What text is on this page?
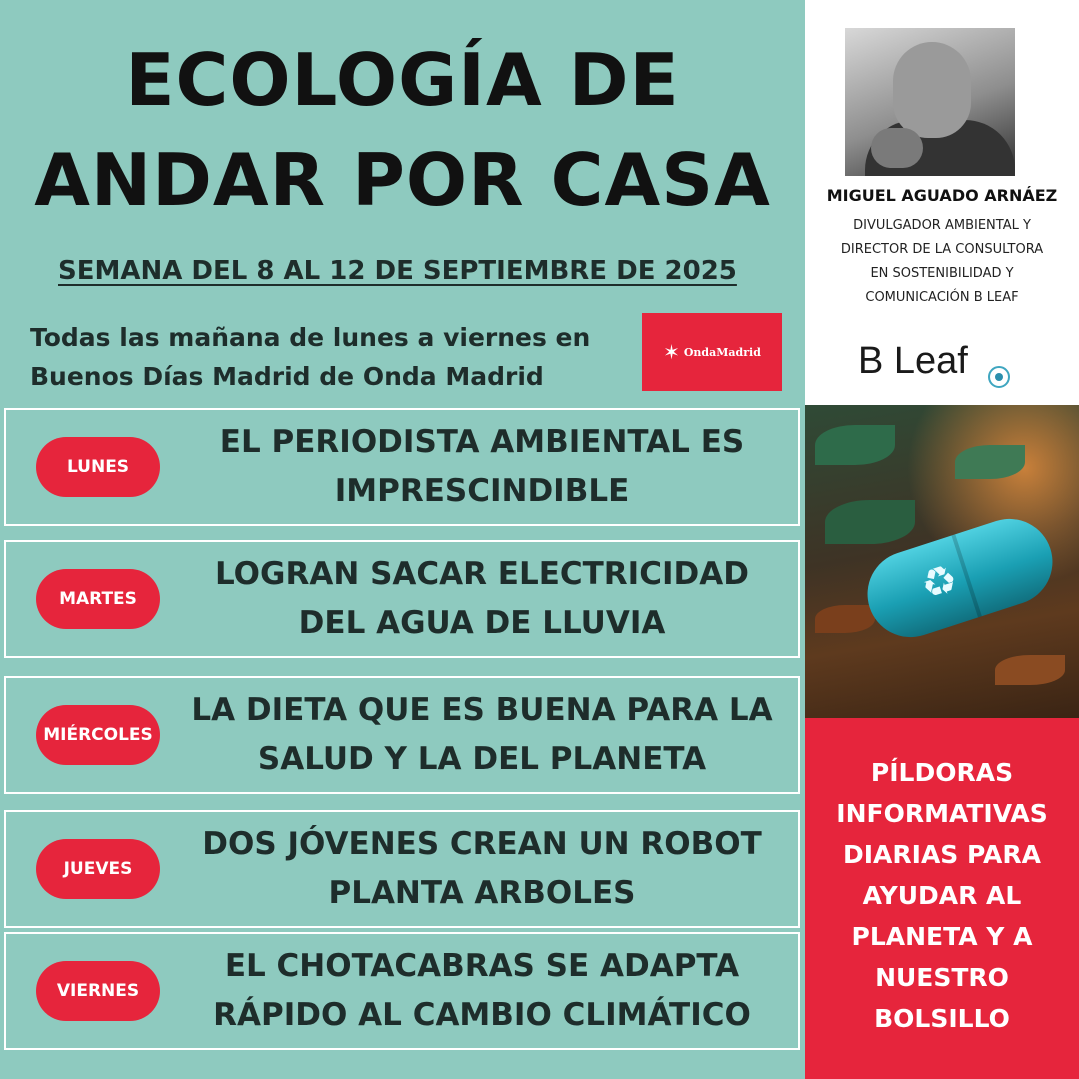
ECOLOGÍA DE
ANDAR POR CASA
SEMANA DEL 8 AL 12 DE SEPTIEMBRE DE 2025
Todas las mañana de lunes a viernes en
Buenos Días Madrid de Onda Madrid
✶ OndaMadrid
LUNES
EL PERIODISTA AMBIENTAL ES
IMPRESCINDIBLE
MARTES
LOGRAN SACAR ELECTRICIDAD
DEL AGUA DE LLUVIA
MIÉRCOLES
LA DIETA QUE ES BUENA PARA LA
SALUD Y LA DEL PLANETA
JUEVES
DOS JÓVENES CREAN UN ROBOT
PLANTA ARBOLES
VIERNES
EL CHOTACABRAS SE ADAPTA
RÁPIDO AL CAMBIO CLIMÁTICO
MIGUEL AGUADO ARNÁEZ
DIVULGADOR AMBIENTAL Y
DIRECTOR DE LA CONSULTORA
EN SOSTENIBILIDAD Y
COMUNICACIÓN B LEAF
B Leaf
♻
PÍLDORAS
INFORMATIVAS
DIARIAS PARA
AYUDAR AL
PLANETA Y A
NUESTRO
BOLSILLO
